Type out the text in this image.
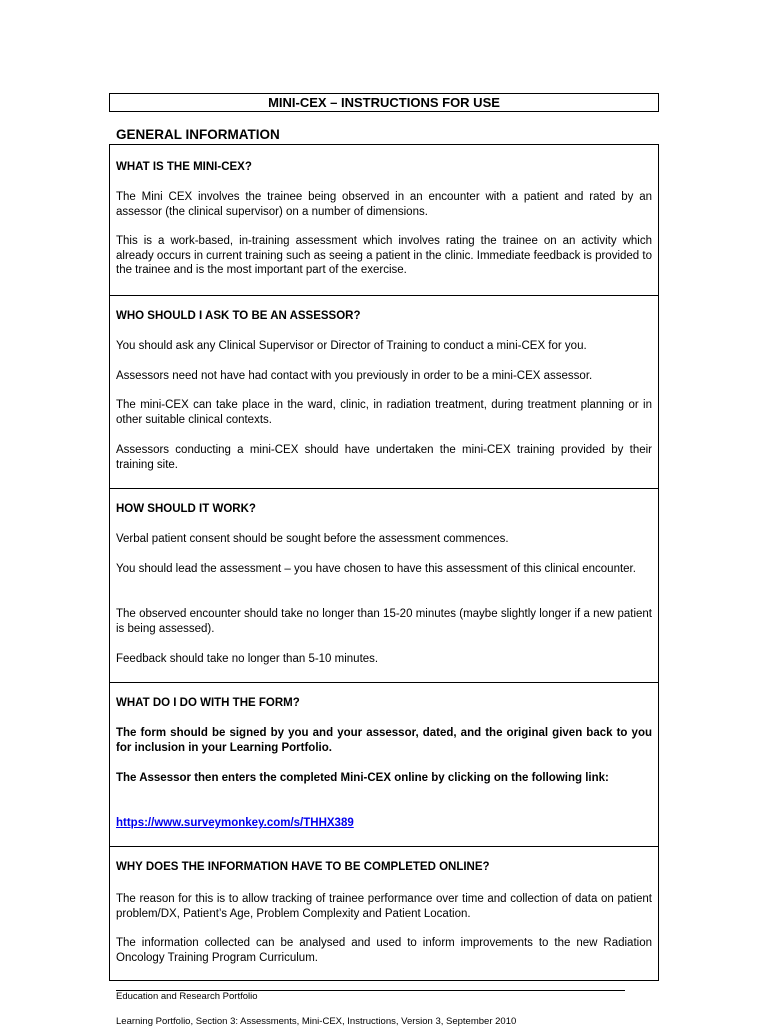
MINI-CEX – INSTRUCTIONS FOR USE
GENERAL INFORMATION
WHAT IS THE MINI-CEX?

The Mini CEX involves the trainee being observed in an encounter with a patient and rated by an assessor (the clinical supervisor) on a number of dimensions.

This is a work-based, in-training assessment which involves rating the trainee on an activity which already occurs in current training such as seeing a patient in the clinic. Immediate feedback is provided to the trainee and is the most important part of the exercise.

WHO SHOULD I ASK TO BE AN ASSESSOR?

You should ask any Clinical Supervisor or Director of Training to conduct a mini-CEX for you.

Assessors need not have had contact with you previously in order to be a mini-CEX assessor.

The mini-CEX can take place in the ward, clinic, in radiation treatment, during treatment planning or in other suitable clinical contexts.

Assessors conducting a mini-CEX should have undertaken the mini-CEX training provided by their training site.

HOW SHOULD IT WORK?

Verbal patient consent should be sought before the assessment commences.

You should lead the assessment – you have chosen to have this assessment of this clinical encounter.

The observed encounter should take no longer than 15-20 minutes (maybe slightly longer if a new patient is being assessed).

Feedback should take no longer than 5-10 minutes.

WHAT DO I DO WITH THE FORM?

The form should be signed by you and your assessor, dated, and the original given back to you for inclusion in your Learning Portfolio.

The Assessor then enters the completed Mini-CEX online by clicking on the following link:

https://www.surveymonkey.com/s/THHX389

WHY DOES THE INFORMATION HAVE TO BE COMPLETED ONLINE?

The reason for this is to allow tracking of trainee performance over time and collection of data on patient problem/DX, Patient’s Age, Problem Complexity and Patient Location.

The information collected can be analysed and used to inform improvements to the new Radiation Oncology Training Program Curriculum.

Education and Research Portfolio
Learning Portfolio, Section 3: Assessments, Mini-CEX, Instructions, Version 3, September 2010
